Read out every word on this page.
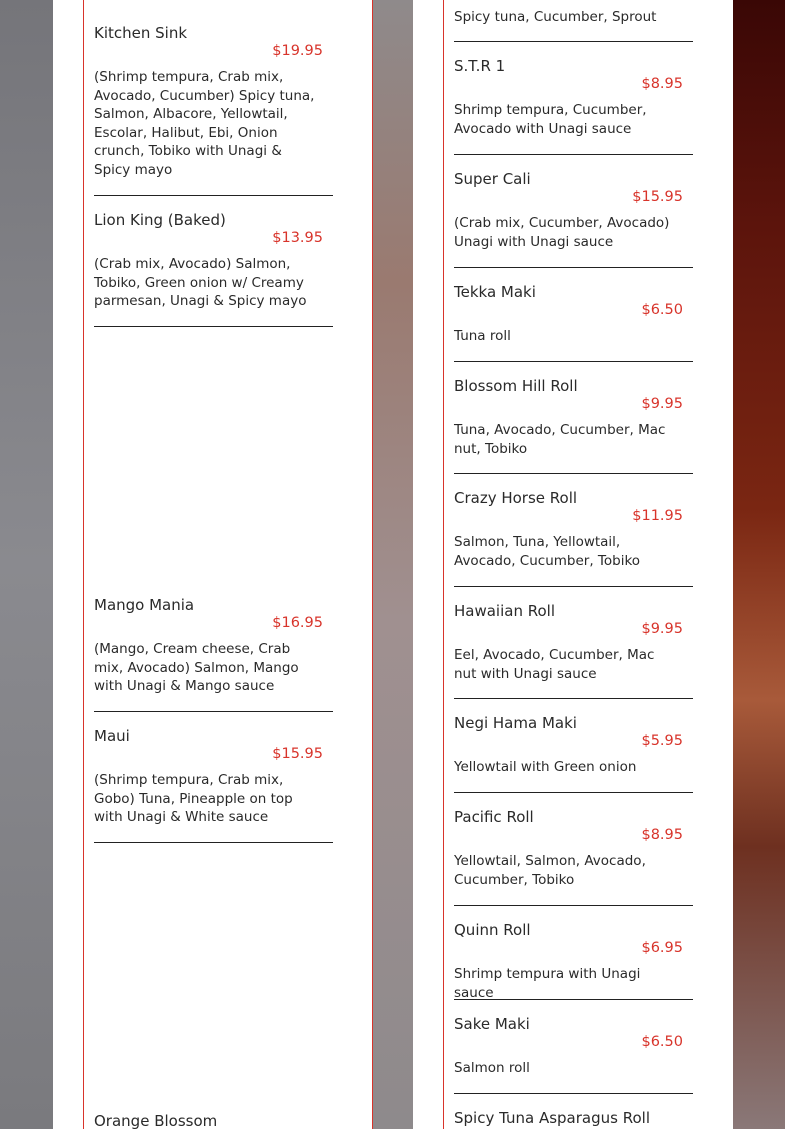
Kitchen Sink
$19.95
(Shrimp tempura, Crab mix, Avocado, Cucumber) Spicy tuna, Salmon, Albacore, Yellowtail, Escolar, Halibut, Ebi, Onion crunch, Tobiko with Unagi & Spicy mayo
Lion King (Baked)
$13.95
(Crab mix, Avocado) Salmon, Tobiko, Green onion w/ Creamy parmesan, Unagi & Spicy mayo
Mango Mania
$16.95
(Mango, Cream cheese, Crab mix, Avocado) Salmon, Mango with Unagi & Mango sauce
Maui
$15.95
(Shrimp tempura, Crab mix, Gobo) Tuna, Pineapple on top with Unagi & White sauce
Orange Blossom
Spicy tuna, Cucumber, Sprout
S.T.R 1
$8.95
Shrimp tempura, Cucumber, Avocado with Unagi sauce
Super Cali
$15.95
(Crab mix, Cucumber, Avocado) Unagi with Unagi sauce
Tekka Maki
$6.50
Tuna roll
Blossom Hill Roll
$9.95
Tuna, Avocado, Cucumber, Mac nut, Tobiko
Crazy Horse Roll
$11.95
Salmon, Tuna, Yellowtail, Avocado, Cucumber, Tobiko
Hawaiian Roll
$9.95
Eel, Avocado, Cucumber, Mac nut with Unagi sauce
Negi Hama Maki
$5.95
Yellowtail with Green onion
Pacific Roll
$8.95
Yellowtail, Salmon, Avocado, Cucumber, Tobiko
Quinn Roll
$6.95
Shrimp tempura with Unagi sauce
Sake Maki
$6.50
Salmon roll
Spicy Tuna Asparagus Roll
